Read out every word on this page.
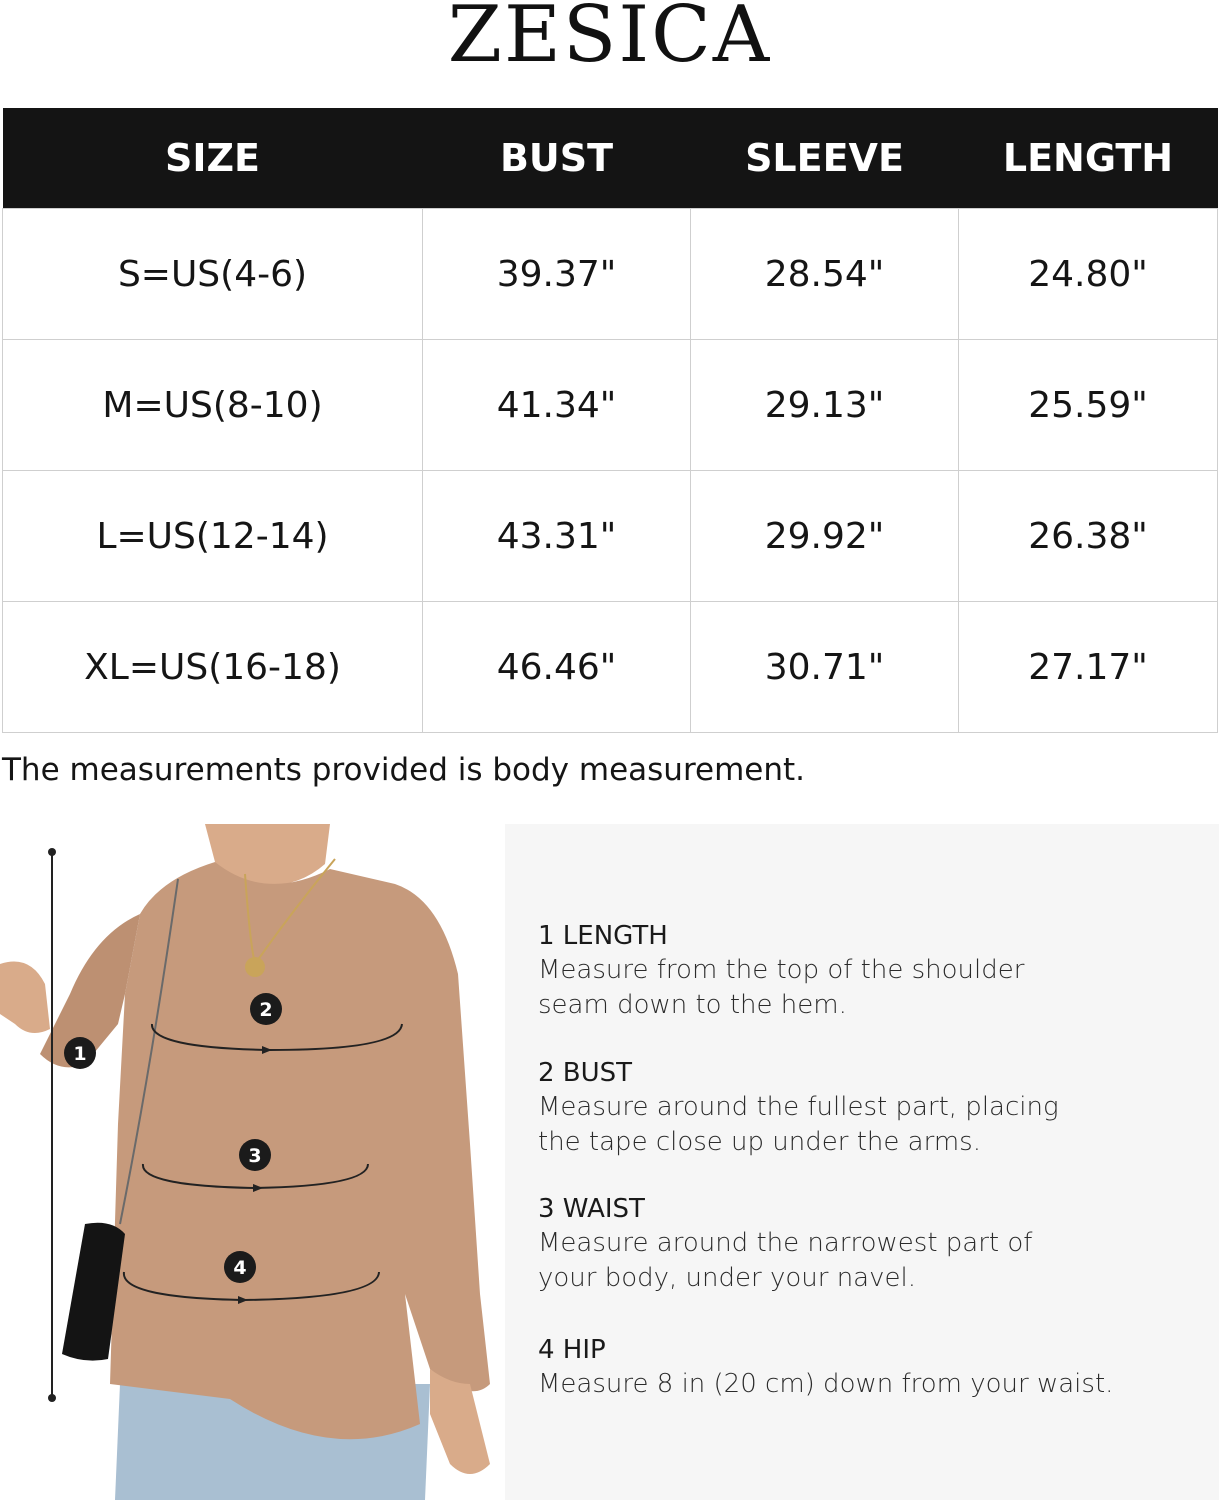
ZESICA
SIZE	BUST	SLEEVE	LENGTH
S=US(4-6)	39.37"	28.54"	24.80"
M=US(8-10)	41.34"	29.13"	25.59"
L=US(12-14)	43.31"	29.92"	26.38"
XL=US(16-18)	46.46"	30.71"	27.17"
The measurements provided is body measurement.
1
2
3
4
1 LENGTH
Measure from the top of the shoulder
seam down to the hem.
2 BUST
Measure around the fullest part, placing
the tape close up under the arms.
3 WAIST
Measure around the narrowest part of
your body, under your navel.
4 HIP
Measure 8 in (20 cm) down from your waist.
